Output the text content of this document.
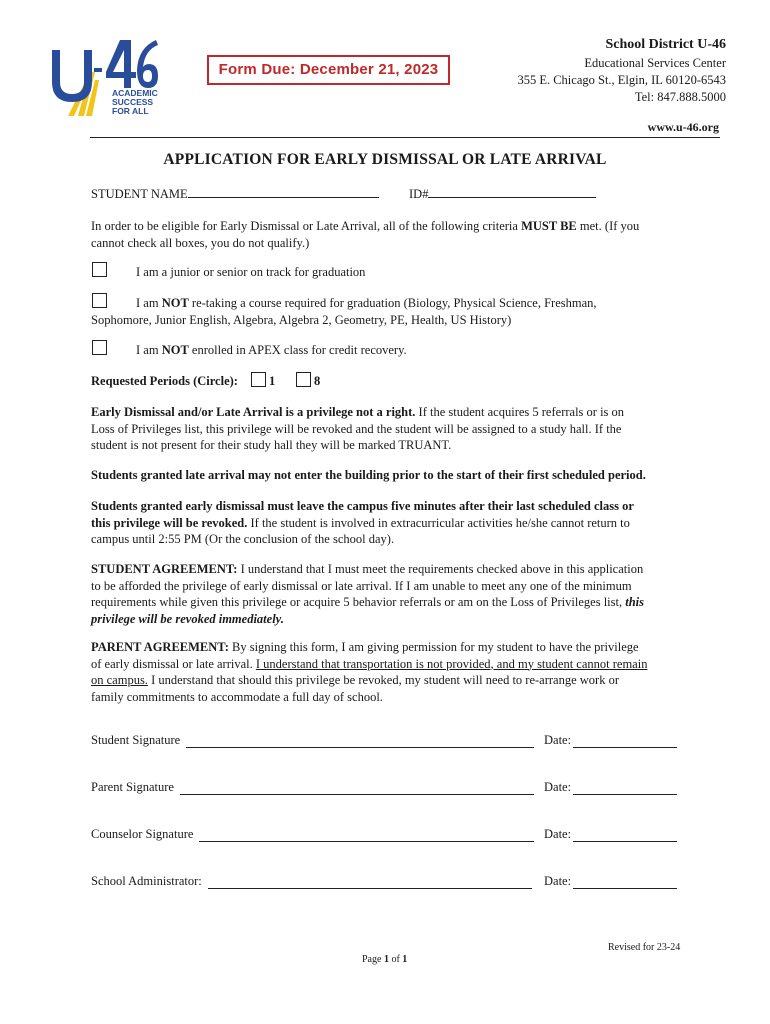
ACADEMIC
SUCCESS
FOR ALL
Form Due: December 21, 2023
School District U-46
Educational Services Center
355 E. Chicago St., Elgin, IL 60120-6543
Tel: 847.888.5000
www.u-46.org
APPLICATION FOR EARLY DISMISSAL OR LATE ARRIVAL
STUDENT NAME	ID#
In order to be eligible for Early Dismissal or Late Arrival, all of the following criteria MUST BE met. (If you
cannot check all boxes, you do not qualify.)
I am a junior or senior on track for graduation
I am NOT re-taking a course required for graduation (Biology, Physical Science, Freshman,
Sophomore, Junior English, Algebra, Algebra 2, Geometry, PE, Health, US History)
I am NOT enrolled in APEX class for credit recovery.
Requested Periods (Circle): 1	8
Early Dismissal and/or Late Arrival is a privilege not a right. If the student acquires 5 referrals or is on
Loss of Privileges list, this privilege will be revoked and the student will be assigned to a study hall. If the
student is not present for their study hall they will be marked TRUANT.
Students granted late arrival may not enter the building prior to the start of their first scheduled period.
Students granted early dismissal must leave the campus five minutes after their last scheduled class or
this privilege will be revoked. If the student is involved in extracurricular activities he/she cannot return to
campus until 2:55 PM (Or the conclusion of the school day).
STUDENT AGREEMENT: I understand that I must meet the requirements checked above in this application
to be afforded the privilege of early dismissal or late arrival. If I am unable to meet any one of the minimum
requirements while given this privilege or acquire 5 behavior referrals or am on the Loss of Privileges list, this
privilege will be revoked immediately.
PARENT AGREEMENT: By signing this form, I am giving permission for my student to have the privilege
of early dismissal or late arrival. I understand that transportation is not provided, and my student cannot remain
on campus. I understand that should this privilege be revoked, my student will need to re-arrange work or
family commitments to accommodate a full day of school.
Student Signature	Date:
Parent Signature	Date:
Counselor Signature	Date:
School Administrator:	Date:
Revised for 23-24
Page 1 of 1
